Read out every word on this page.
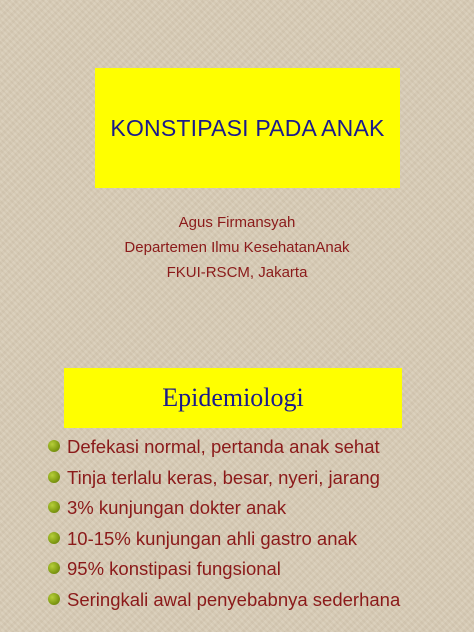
KONSTIPASI PADA ANAK
Agus Firmansyah
Departemen Ilmu KesehatanAnak
FKUI-RSCM, Jakarta
Epidemiologi
Defekasi normal, pertanda anak sehat
Tinja terlalu keras, besar, nyeri, jarang
3% kunjungan dokter anak
10-15% kunjungan ahli gastro anak
95% konstipasi fungsional
Seringkali awal penyebabnya sederhana
